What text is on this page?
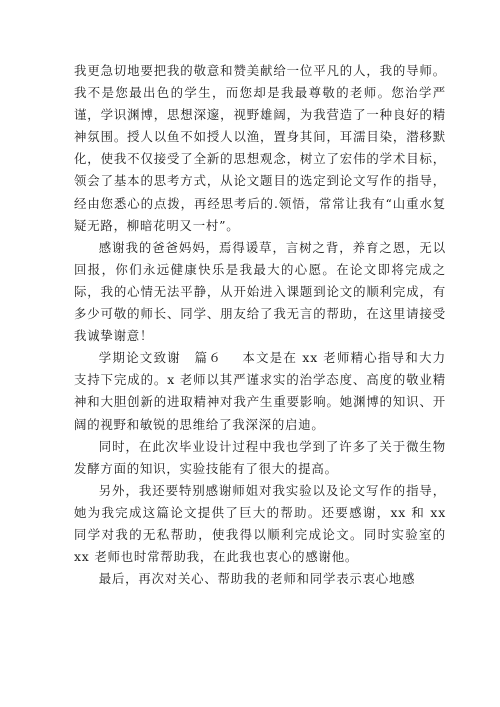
我更急切地要把我的敬意和赞美献给一位平凡的人，我的导师。我不是您最出色的学生，而您却是我最尊敬的老师。您治学严谨，学识渊博，思想深邃，视野雄阔，为我营造了一种良好的精神氛围。授人以鱼不如授人以渔，置身其间，耳濡目染，潜移默化，使我不仅接受了全新的思想观念，树立了宏伟的学术目标，领会了基本的思考方式，从论文题目的选定到论文写作的指导，经由您悉心的点拨，再经思考后的.领悟，常常让我有“山重水复疑无路，柳暗花明又一村”。

感谢我的爸爸妈妈，焉得谖草，言树之背，养育之恩，无以回报，你们永远健康快乐是我最大的心愿。在论文即将完成之际，我的心情无法平静，从开始进入课题到论文的顺利完成，有多少可敬的师长、同学、朋友给了我无言的帮助，在这里请接受我诚挚谢意！

学期论文致谢　篇６ 本文是在 xx 老师精心指导和大力支持下完成的。x 老师以其严谨求实的治学态度、高度的敬业精神和大胆创新的进取精神对我产生重要影响。她渊博的知识、开阔的视野和敏锐的思维给了我深深的启迪。

同时，在此次毕业设计过程中我也学到了许多了关于微生物发酵方面的知识，实验技能有了很大的提高。

另外，我还要特别感谢师姐对我实验以及论文写作的指导，她为我完成这篇论文提供了巨大的帮助。还要感谢，xx 和 xx 同学对我的无私帮助，使我得以顺利完成论文。同时实验室的 xx 老师也时常帮助我，在此我也衷心的感谢他。

最后，再次对关心、帮助我的老师和同学表示衷心地感
